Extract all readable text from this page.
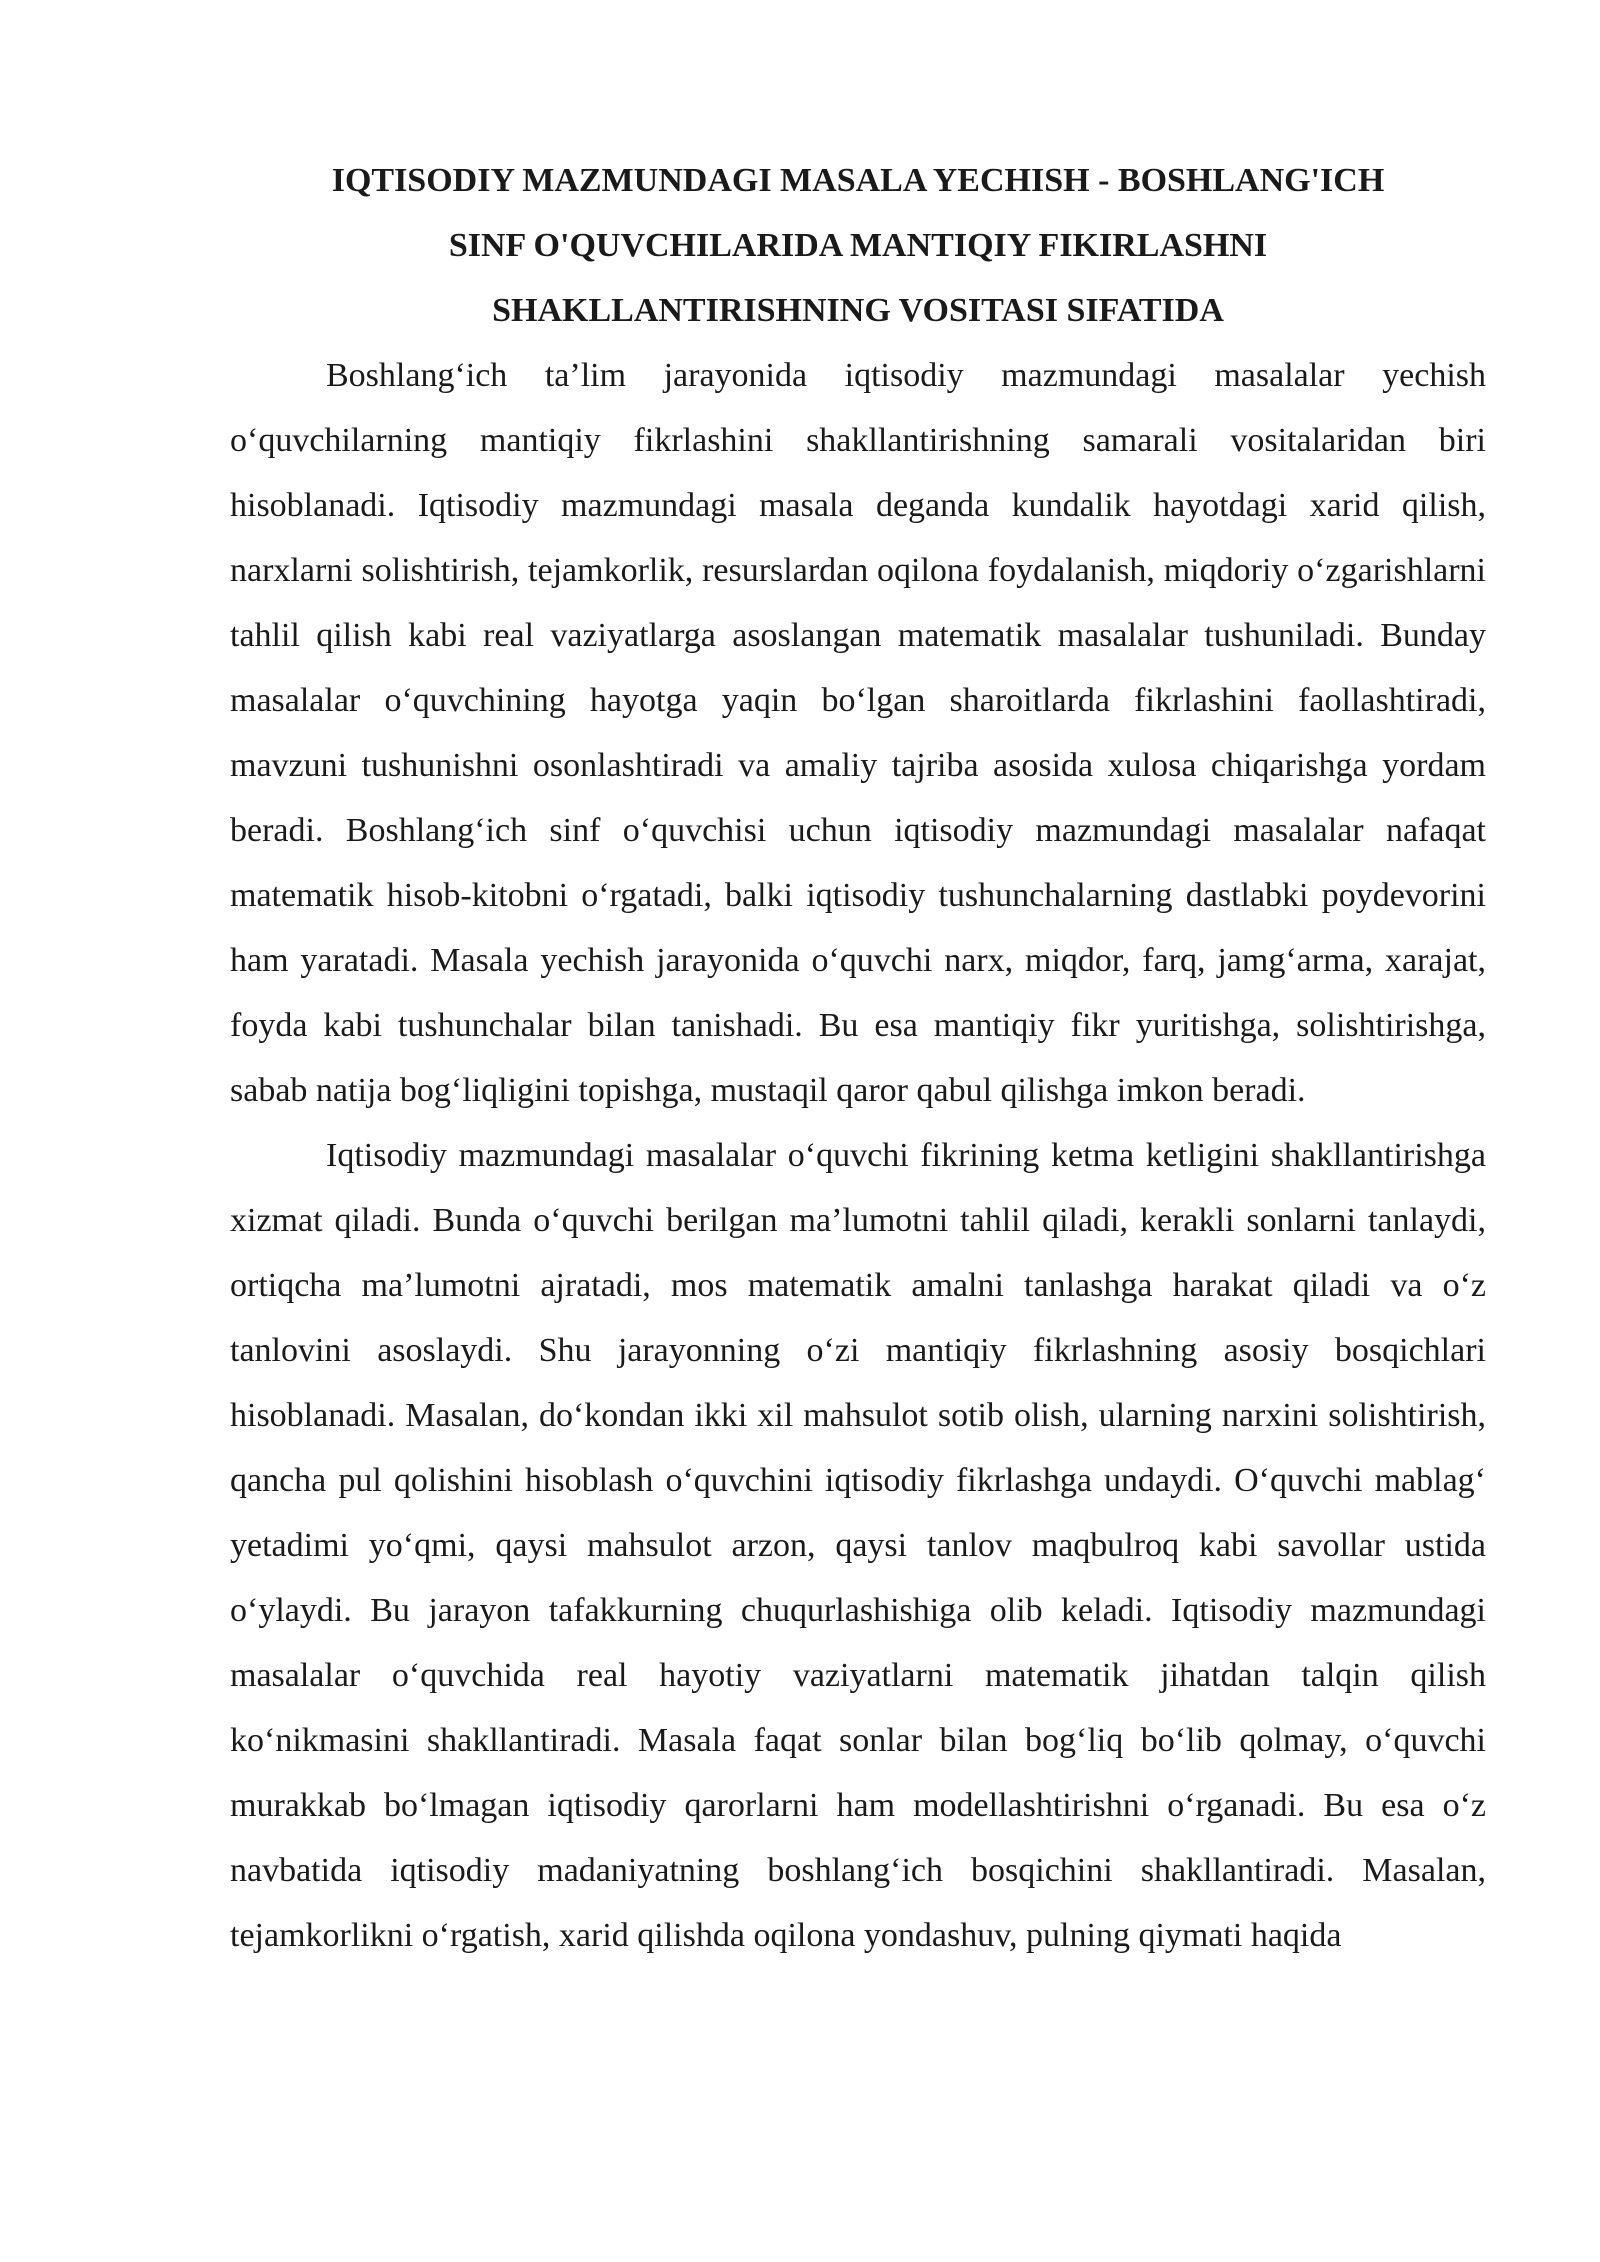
IQTISODIY MAZMUNDAGI MASALA YECHISH - BOSHLANG'ICH
SINF O'QUVCHILARIDA MANTIQIY FIKIRLASHNI
SHAKLLANTIRISHNING VOSITASI SIFATIDA

Boshlang‘ich ta’lim jarayonida iqtisodiy mazmundagi masalalar yechish o‘quvchilarning mantiqiy fikrlashini shakllantirishning samarali vositalaridan biri hisoblanadi. Iqtisodiy mazmundagi masala deganda kundalik hayotdagi xarid qilish, narxlarni solishtirish, tejamkorlik, resurslardan oqilona foydalanish, miqdoriy o‘zgarishlarni tahlil qilish kabi real vaziyatlarga asoslangan matematik masalalar tushuniladi. Bunday masalalar o‘quvchining hayotga yaqin bo‘lgan sharoitlarda fikrlashini faollashtiradi, mavzuni tushunishni osonlashtiradi va amaliy tajriba asosida xulosa chiqarishga yordam beradi. Boshlang‘ich sinf o‘quvchisi uchun iqtisodiy mazmundagi masalalar nafaqat matematik hisob-kitobni o‘rgatadi, balki iqtisodiy tushunchalarning dastlabki poydevorini ham yaratadi. Masala yechish jarayonida o‘quvchi narx, miqdor, farq, jamg‘arma, xarajat, foyda kabi tushunchalar bilan tanishadi. Bu esa mantiqiy fikr yuritishga, solishtirishga, sabab natija bog‘liqligini topishga, mustaqil qaror qabul qilishga imkon beradi.

Iqtisodiy mazmundagi masalalar o‘quvchi fikrining ketma ketligini shakllantirishga xizmat qiladi. Bunda o‘quvchi berilgan ma’lumotni tahlil qiladi, kerakli sonlarni tanlaydi, ortiqcha ma’lumotni ajratadi, mos matematik amalni tanlashga harakat qiladi va o‘z tanlovini asoslaydi. Shu jarayonning o‘zi mantiqiy fikrlashning asosiy bosqichlari hisoblanadi. Masalan, do‘kondan ikki xil mahsulot sotib olish, ularning narxini solishtirish, qancha pul qolishini hisoblash o‘quvchini iqtisodiy fikrlashga undaydi. O‘quvchi mablag‘ yetadimi yo‘qmi, qaysi mahsulot arzon, qaysi tanlov maqbulroq kabi savollar ustida o‘ylaydi. Bu jarayon tafakkurning chuqurlashishiga olib keladi. Iqtisodiy mazmundagi masalalar o‘quvchida real hayotiy vaziyatlarni matematik jihatdan talqin qilish ko‘nikmasini shakllantiradi. Masala faqat sonlar bilan bog‘liq bo‘lib qolmay, o‘quvchi murakkab bo‘lmagan iqtisodiy qarorlarni ham modellashtirishni o‘rganadi. Bu esa o‘z navbatida iqtisodiy madaniyatning boshlang‘ich bosqichini shakllantiradi. Masalan, tejamkorlikni o‘rgatish, xarid qilishda oqilona yondashuv, pulning qiymati haqida
